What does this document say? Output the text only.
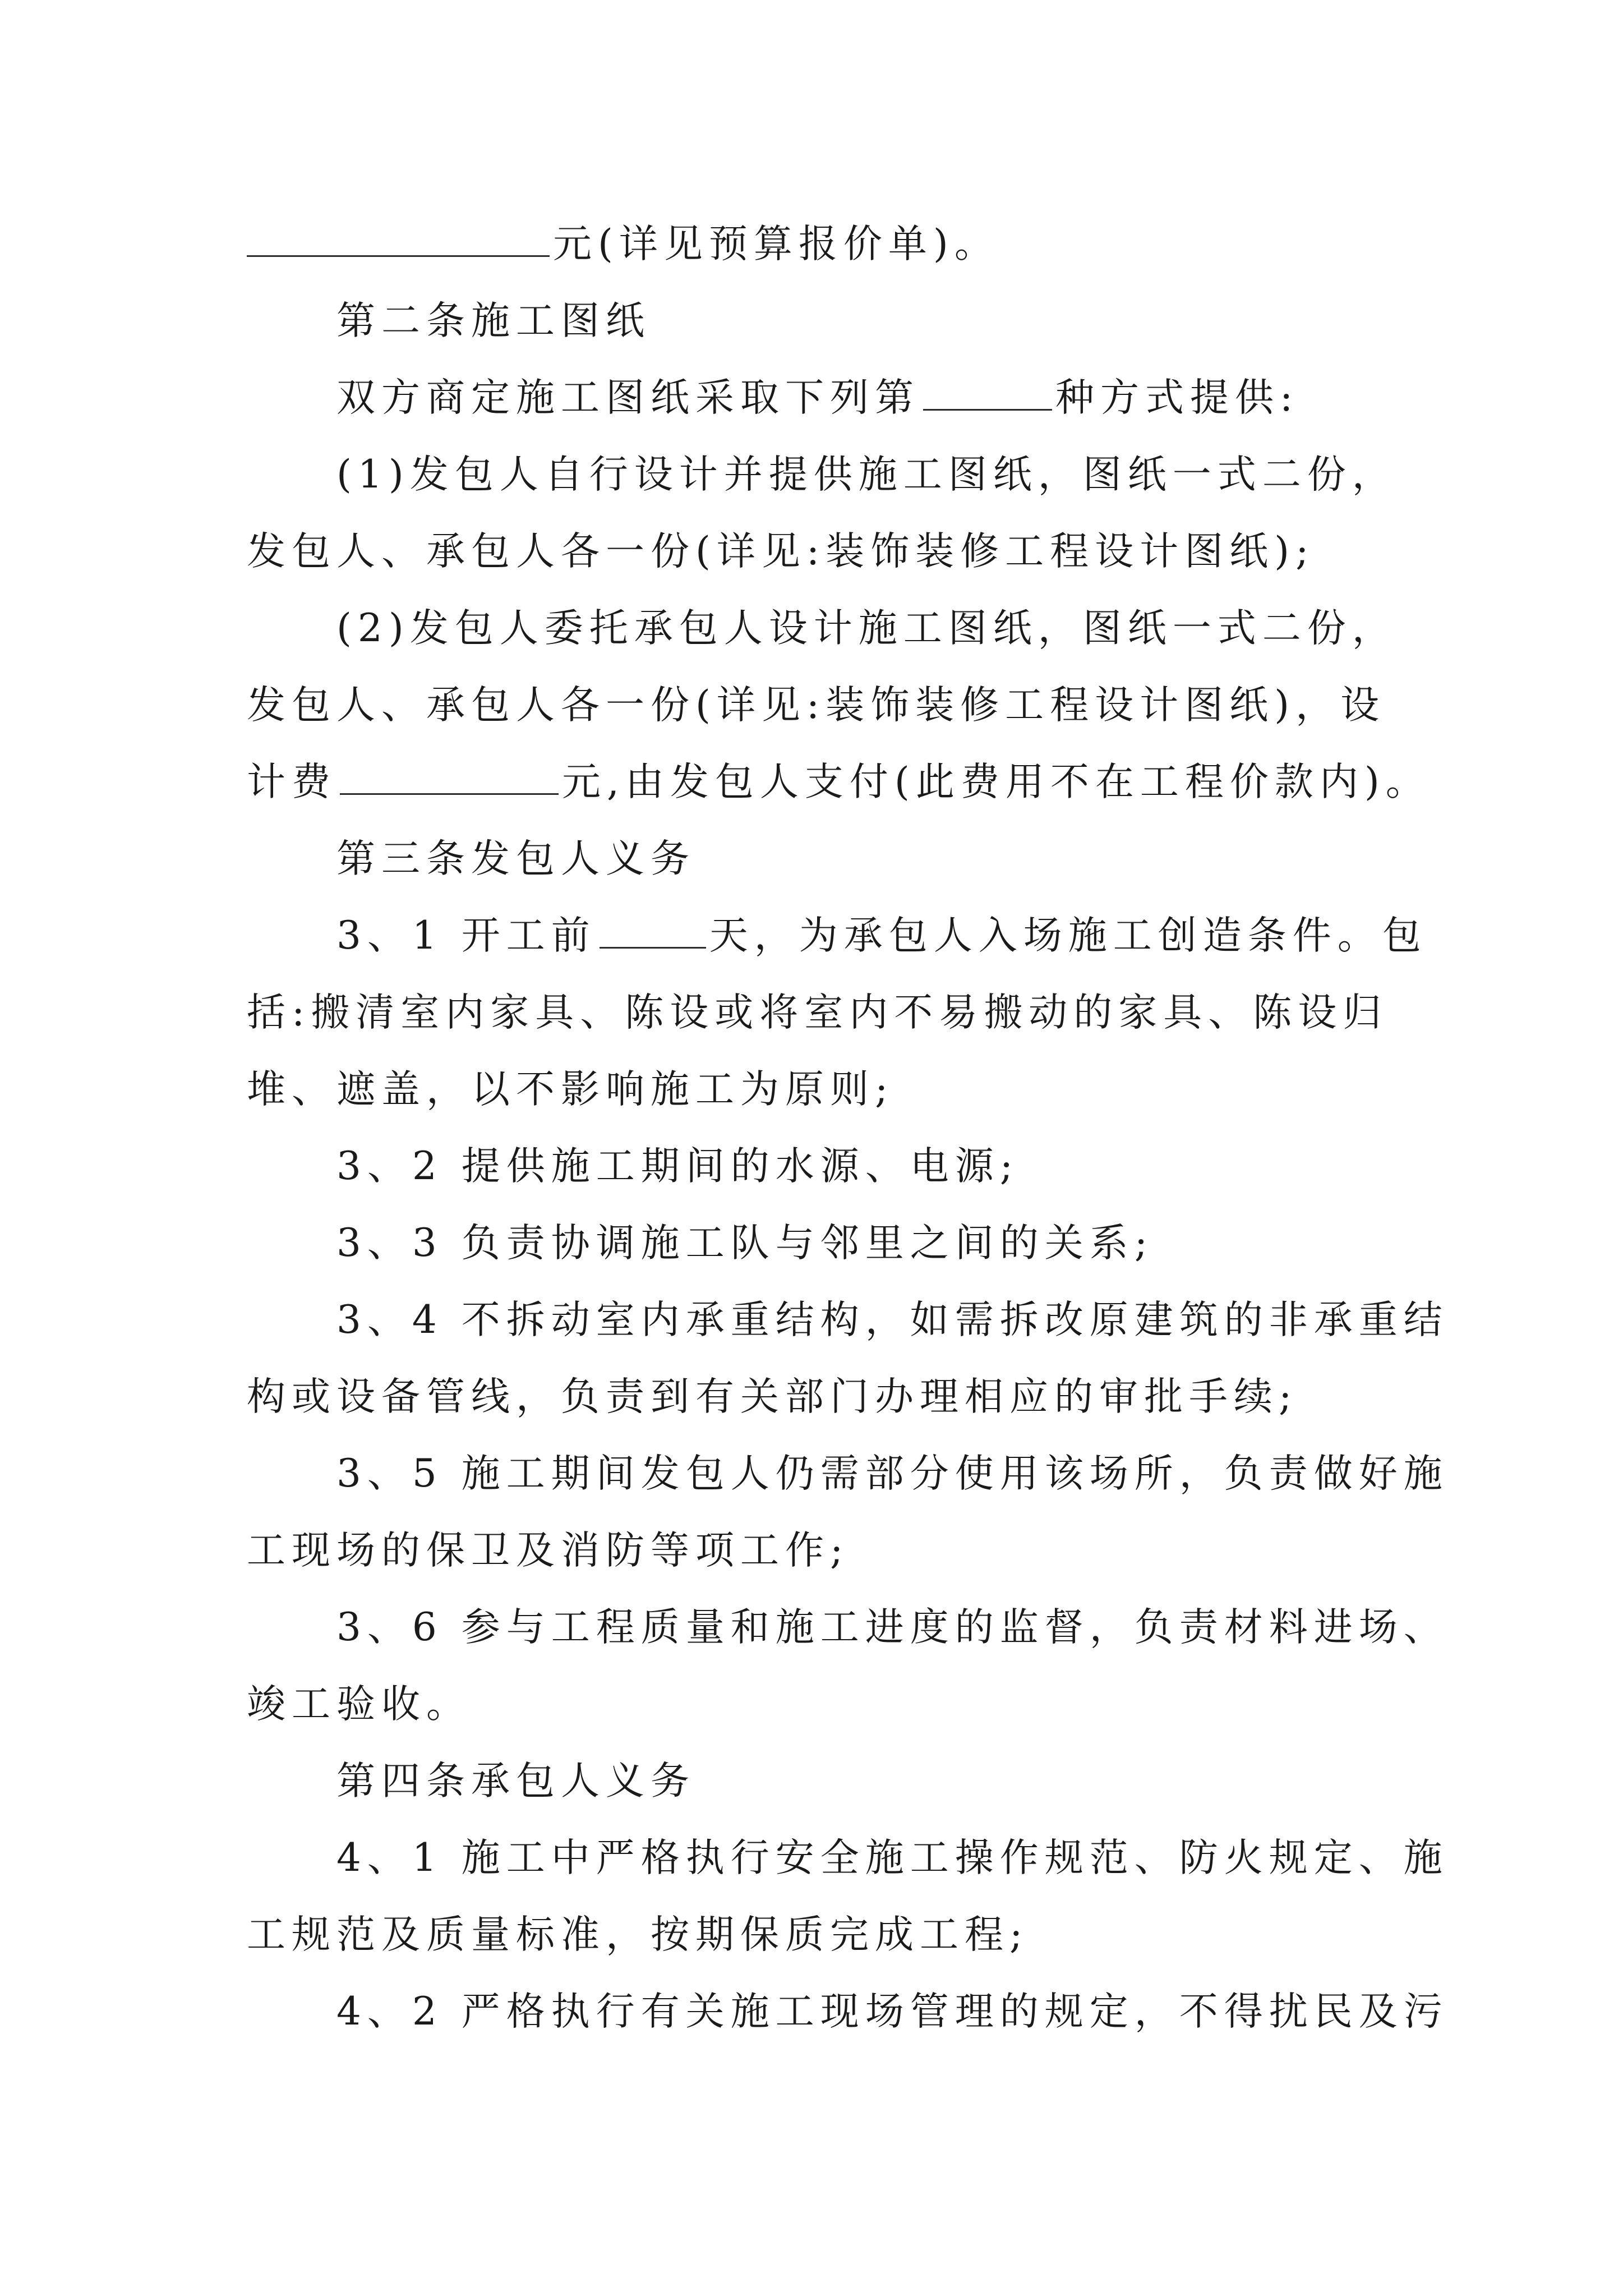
元(详见预算报价单)。
第二条施工图纸
双方商定施工图纸采取下列第	种方式提供:
(1)发包人自行设计并提供施工图纸，图纸一式二份，
发包人、承包人各一份(详见:装饰装修工程设计图纸);
(2)发包人委托承包人设计施工图纸，图纸一式二份，
发包人、承包人各一份(详见:装饰装修工程设计图纸)，设
计费	元,由发包人支付(此费用不在工程价款内)。
第三条发包人义务
3、1 开工前	天，为承包人入场施工创造条件。包
括:搬清室内家具、陈设或将室内不易搬动的家具、陈设归
堆、遮盖，以不影响施工为原则;
3、2 提供施工期间的水源、电源;
3、3 负责协调施工队与邻里之间的关系;
3、4 不拆动室内承重结构，如需拆改原建筑的非承重结
构或设备管线，负责到有关部门办理相应的审批手续;
3、5 施工期间发包人仍需部分使用该场所，负责做好施
工现场的保卫及消防等项工作;
3、6 参与工程质量和施工进度的监督，负责材料进场、
竣工验收。
第四条承包人义务
4、1 施工中严格执行安全施工操作规范、防火规定、施
工规范及质量标准，按期保质完成工程;
4、2 严格执行有关施工现场管理的规定，不得扰民及污
